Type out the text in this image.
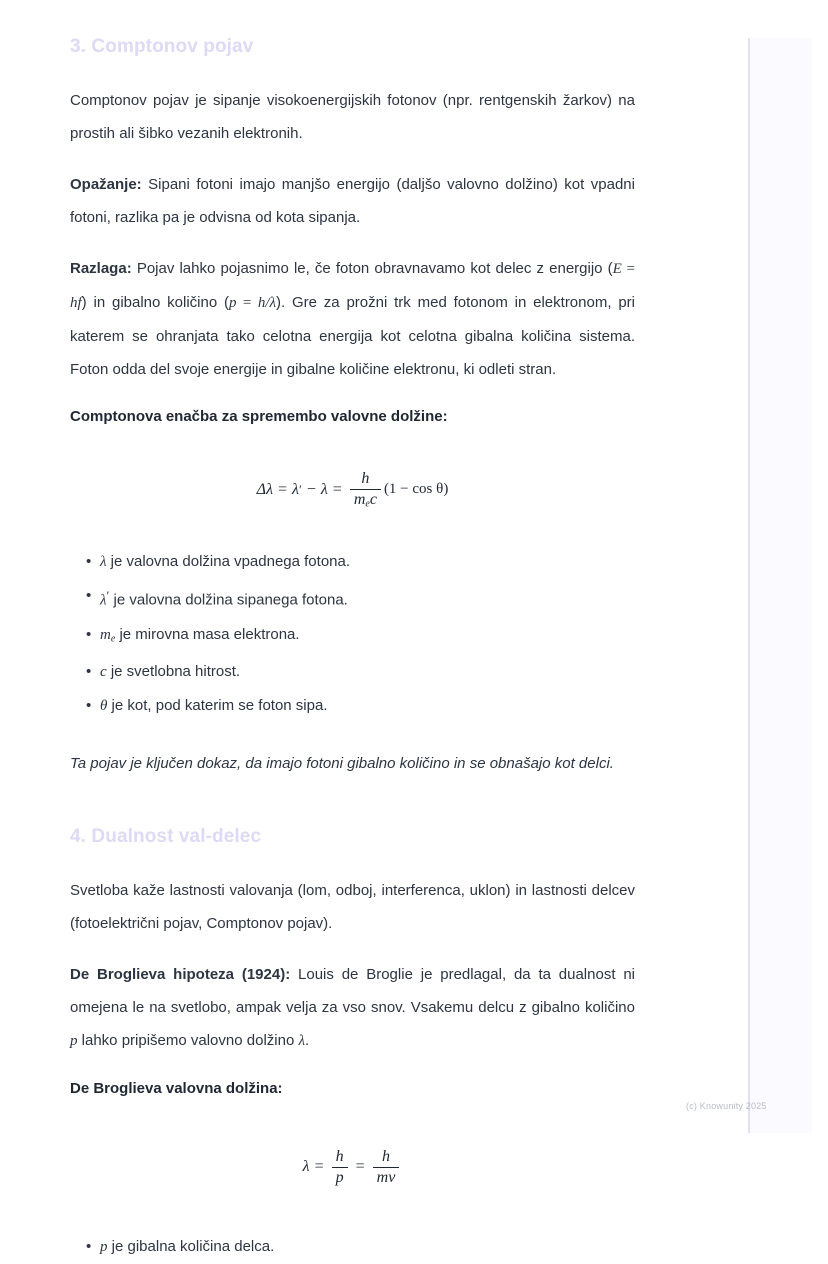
3. Comptonov pojav

Comptonov pojav je sipanje visokoenergijskih fotonov (npr. rentgenskih žarkov) na prostih ali šibko vezanih elektronih.

Opažanje: Sipani fotoni imajo manjšo energijo (daljšo valovno dolžino) kot vpadni fotoni, razlika pa je odvisna od kota sipanja.

Razlaga: Pojav lahko pojasnimo le, če foton obravnavamo kot delec z energijo (E = hf) in gibalno količino (p = h/λ). Gre za prožni trk med fotonom in elektronom, pri katerem se ohranjata tako celotna energija kot celotna gibalna količina sistema. Foton odda del svoje energije in gibalne količine elektronu, ki odleti stran.

Comptonova enačba za spremembo valovne dolžine:

Δλ = λ ′ − $\lambda = \frac{h}{m_ec} (1 - \cos \theta)$
• λ je valovna dolžina vpadnega fotona.
• λ′ je valovna dolžina sipanega fotona.
• $m_e$ je mirovna masa elektrona.
• c je svetlobna hitrost.
• θ je kot, pod katerim se foton sipa.

Ta pojav je ključen dokaz, da imajo fotoni gibalno količino in se obnašajo kot delci.

4. Dualnost val-delec

Svetloba kaže lastnosti valovanja (lom, odboj, interferenca, uklon) in lastnosti delcev (fotoelektrični pojav, Comptonov pojav).

De Broglieva hipoteza (1924): Louis de Broglie je predlagal, da ta dualnost ni omejena le na svetlobo, ampak velja za vso snov. Vsakemu delcu z gibalno količino p lahko pripišemo valovno dolžino λ.

De Broglieva valovna dolžina:

$\lambda = \frac{h}{p} = \frac{h}{mv}$
• p je gibalna količina delca.
(c) Knowunity 2025
